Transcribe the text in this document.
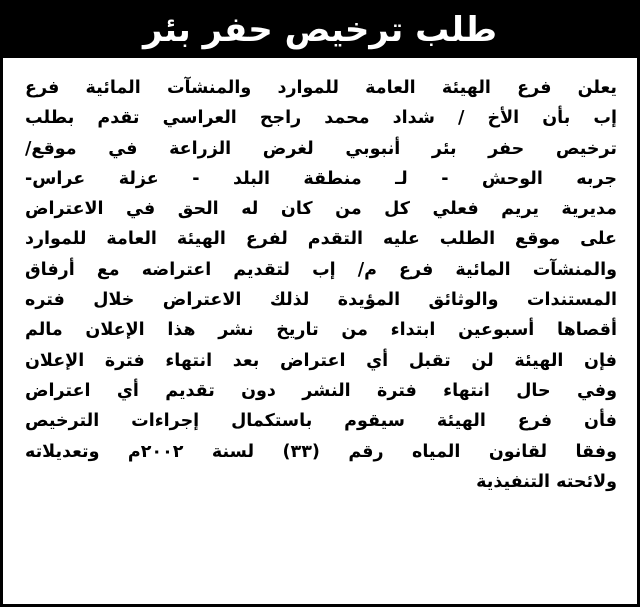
طلب ترخيص حفر بئر
يعلن فرع الهيئة العامة للموارد والمنشآت المائية فرع
إب بأن الأخ / شداد محمد راجح العراسي تقدم بطلب
ترخيص حفر بئر أنبوبي لغرض الزراعة في موقع/
جربه الوحش - لـ منطقة البلد - عزلة عراس-
مديرية يريم فعلي كل من كان له الحق في الاعتراض
على موقع الطلب عليه التقدم لفرع الهيئة العامة للموارد
والمنشآت المائية فرع م/ إب لتقديم اعتراضه مع أرفاق
المستندات والوثائق المؤيدة لذلك الاعتراض خلال فتره
أقصاها أسبوعين ابتداء من تاريخ نشر هذا الإعلان مالم
فإن الهيئة لن تقبل أي اعتراض بعد انتهاء فترة الإعلان
وفي حال انتهاء فترة النشر دون تقديم أي اعتراض
فأن فرع الهيئة سيقوم باستكمال إجراءات الترخيص
وفقا لقانون المياه رقم (٣٣) لسنة ٢٠٠٢م وتعديلاته
ولائحته التنفيذية
